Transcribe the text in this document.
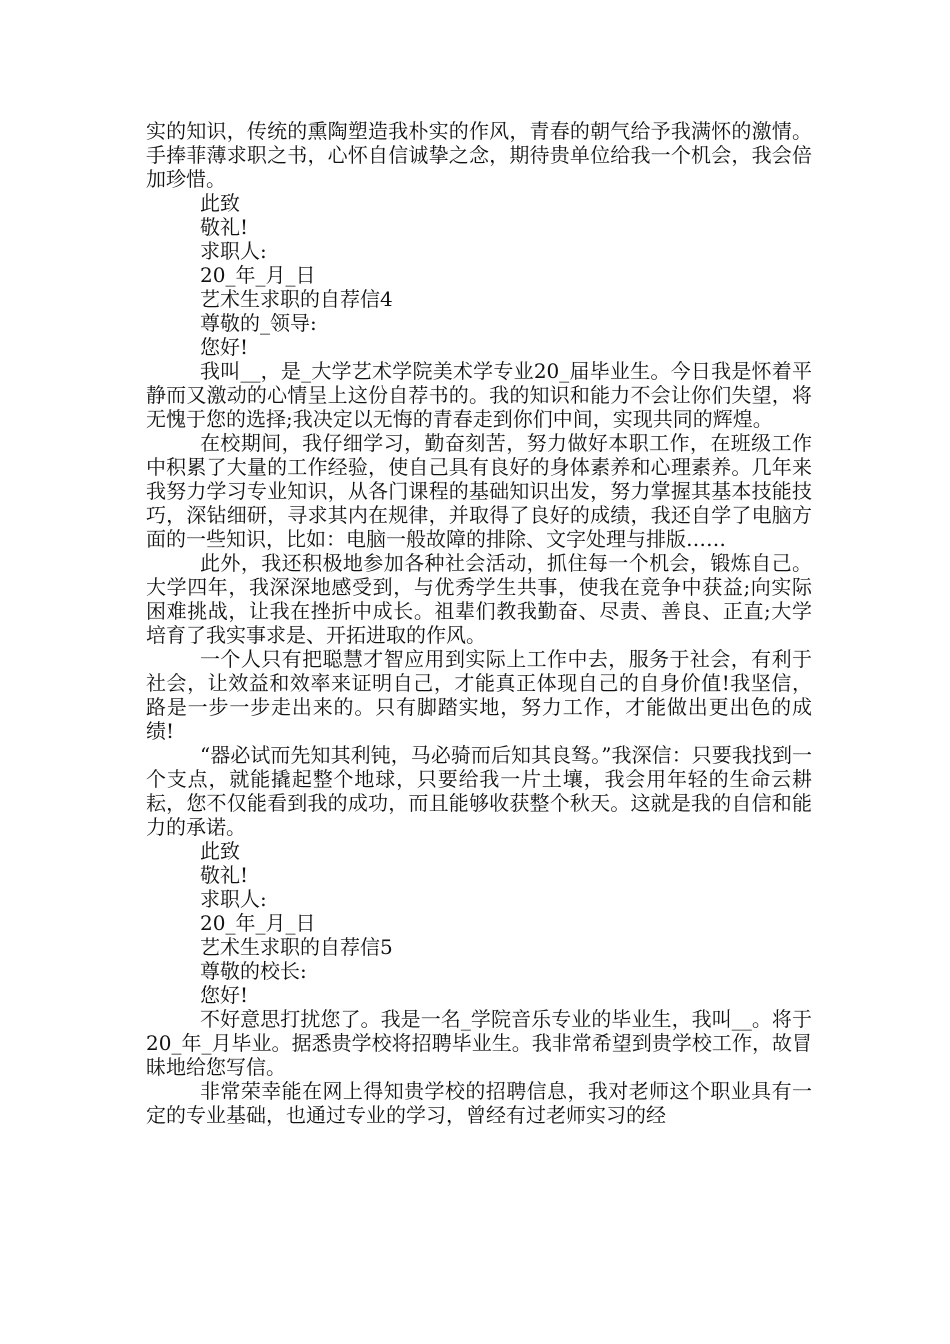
实的知识，传统的熏陶塑造我朴实的作风，青春的朝气给予我满怀的激情。手捧菲薄求职之书，心怀自信诚挚之念，期待贵单位给我一个机会，我会倍加珍惜。

此致

敬礼!

求职人:

20_年_月_日

艺术生求职的自荐信4

尊敬的_领导:

您好!

我叫__，是_大学艺术学院美术学专业20_届毕业生。今日我是怀着平静而又激动的心情呈上这份自荐书的。我的知识和能力不会让你们失望，将无愧于您的选择;我决定以无悔的青春走到你们中间，实现共同的辉煌。

在校期间，我仔细学习，勤奋刻苦，努力做好本职工作，在班级工作中积累了大量的工作经验，使自己具有良好的身体素养和心理素养。几年来我努力学习专业知识，从各门课程的基础知识出发，努力掌握其基本技能技巧，深钻细研，寻求其内在规律，并取得了良好的成绩，我还自学了电脑方面的一些知识，比如：电脑一般故障的排除、文字处理与排版……

此外，我还积极地参加各种社会活动，抓住每一个机会，锻炼自己。大学四年，我深深地感受到，与优秀学生共事，使我在竞争中获益;向实际困难挑战，让我在挫折中成长。祖辈们教我勤奋、尽责、善良、正直;大学培育了我实事求是、开拓进取的作风。

一个人只有把聪慧才智应用到实际上工作中去，服务于社会，有利于社会，让效益和效率来证明自己，才能真正体现自己的自身价值!我坚信，路是一步一步走出来的。只有脚踏实地，努力工作，才能做出更出色的成绩!

“器必试而先知其利钝，马必骑而后知其良驽。”我深信：只要我找到一个支点，就能撬起整个地球，只要给我一片土壤，我会用年轻的生命云耕耘，您不仅能看到我的成功，而且能够收获整个秋天。这就是我的自信和能力的承诺。

此致

敬礼!

求职人:

20_年_月_日

艺术生求职的自荐信5

尊敬的校长:

您好!

不好意思打扰您了。我是一名_学院音乐专业的毕业生，我叫__。将于20_年_月毕业。据悉贵学校将招聘毕业生。我非常希望到贵学校工作，故冒昧地给您写信。

非常荣幸能在网上得知贵学校的招聘信息，我对老师这个职业具有一定的专业基础，也通过专业的学习，曾经有过老师实习的经
